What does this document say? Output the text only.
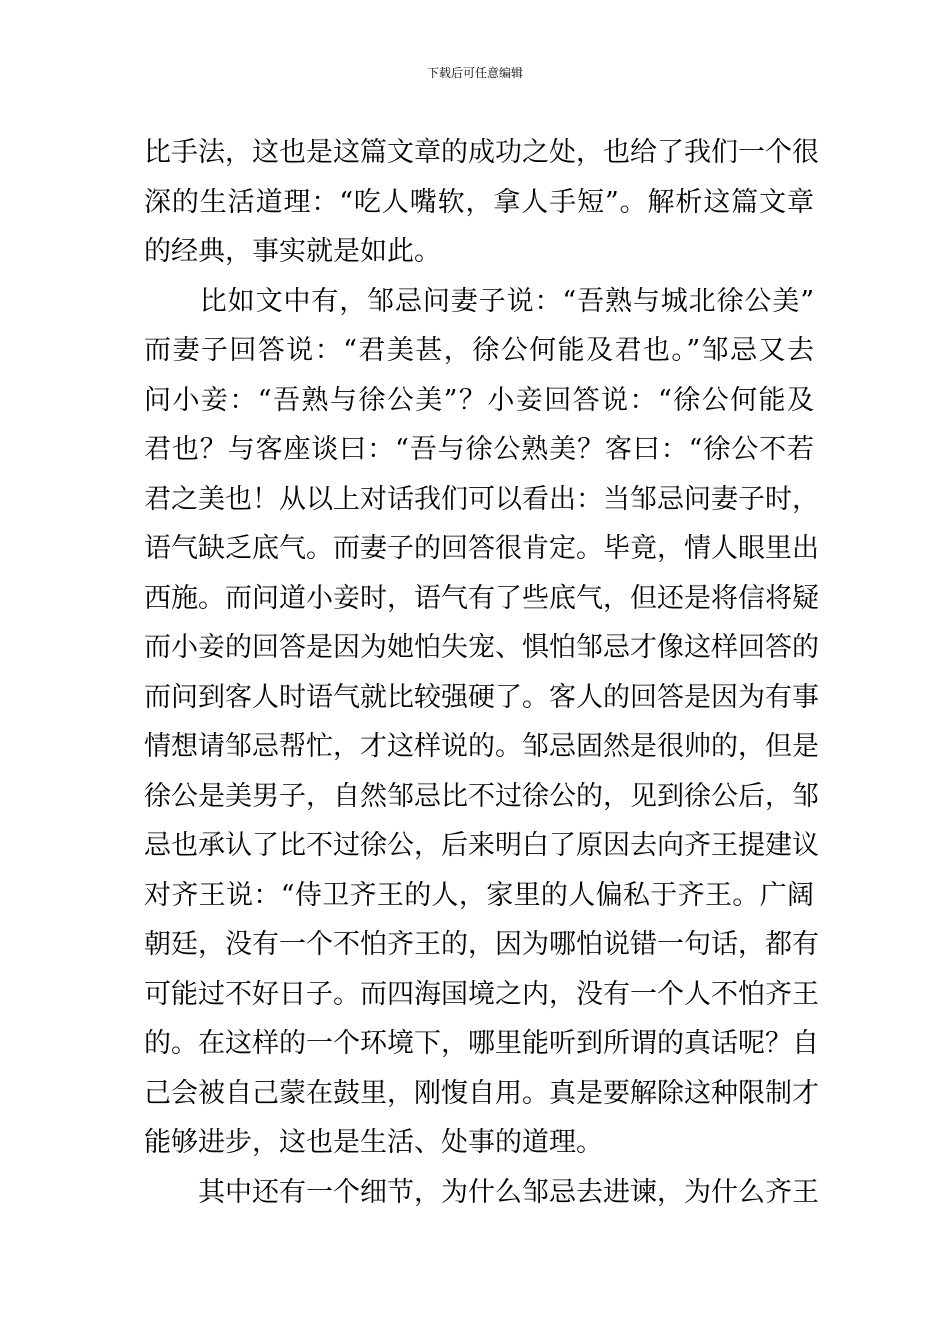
下载后可任意编辑
比手法，这也是这篇文章的成功之处，也给了我们一个很
深的生活道理：“吃人嘴软，拿人手短”。解析这篇文章
的经典，事实就是如此。
　　比如文中有，邹忌问妻子说：“吾熟与城北徐公美”
而妻子回答说：“君美甚，徐公何能及君也。”邹忌又去
问小妾：“吾熟与徐公美”？小妾回答说：“徐公何能及
君也？与客座谈曰：“吾与徐公熟美？客曰：“徐公不若
君之美也！从以上对话我们可以看出：当邹忌问妻子时，
语气缺乏底气。而妻子的回答很肯定。毕竟，情人眼里出
西施。而问道小妾时，语气有了些底气，但还是将信将疑
而小妾的回答是因为她怕失宠、惧怕邹忌才像这样回答的
而问到客人时语气就比较强硬了。客人的回答是因为有事
情想请邹忌帮忙，才这样说的。邹忌固然是很帅的，但是
徐公是美男子，自然邹忌比不过徐公的，见到徐公后，邹
忌也承认了比不过徐公，后来明白了原因去向齐王提建议
对齐王说：“侍卫齐王的人，家里的人偏私于齐王。广阔
朝廷，没有一个不怕齐王的，因为哪怕说错一句话，都有
可能过不好日子。而四海国境之内，没有一个人不怕齐王
的。在这样的一个环境下，哪里能听到所谓的真话呢？自
己会被自己蒙在鼓里，刚愎自用。真是要解除这种限制才
能够进步，这也是生活、处事的道理。
　　其中还有一个细节，为什么邹忌去进谏，为什么齐王
